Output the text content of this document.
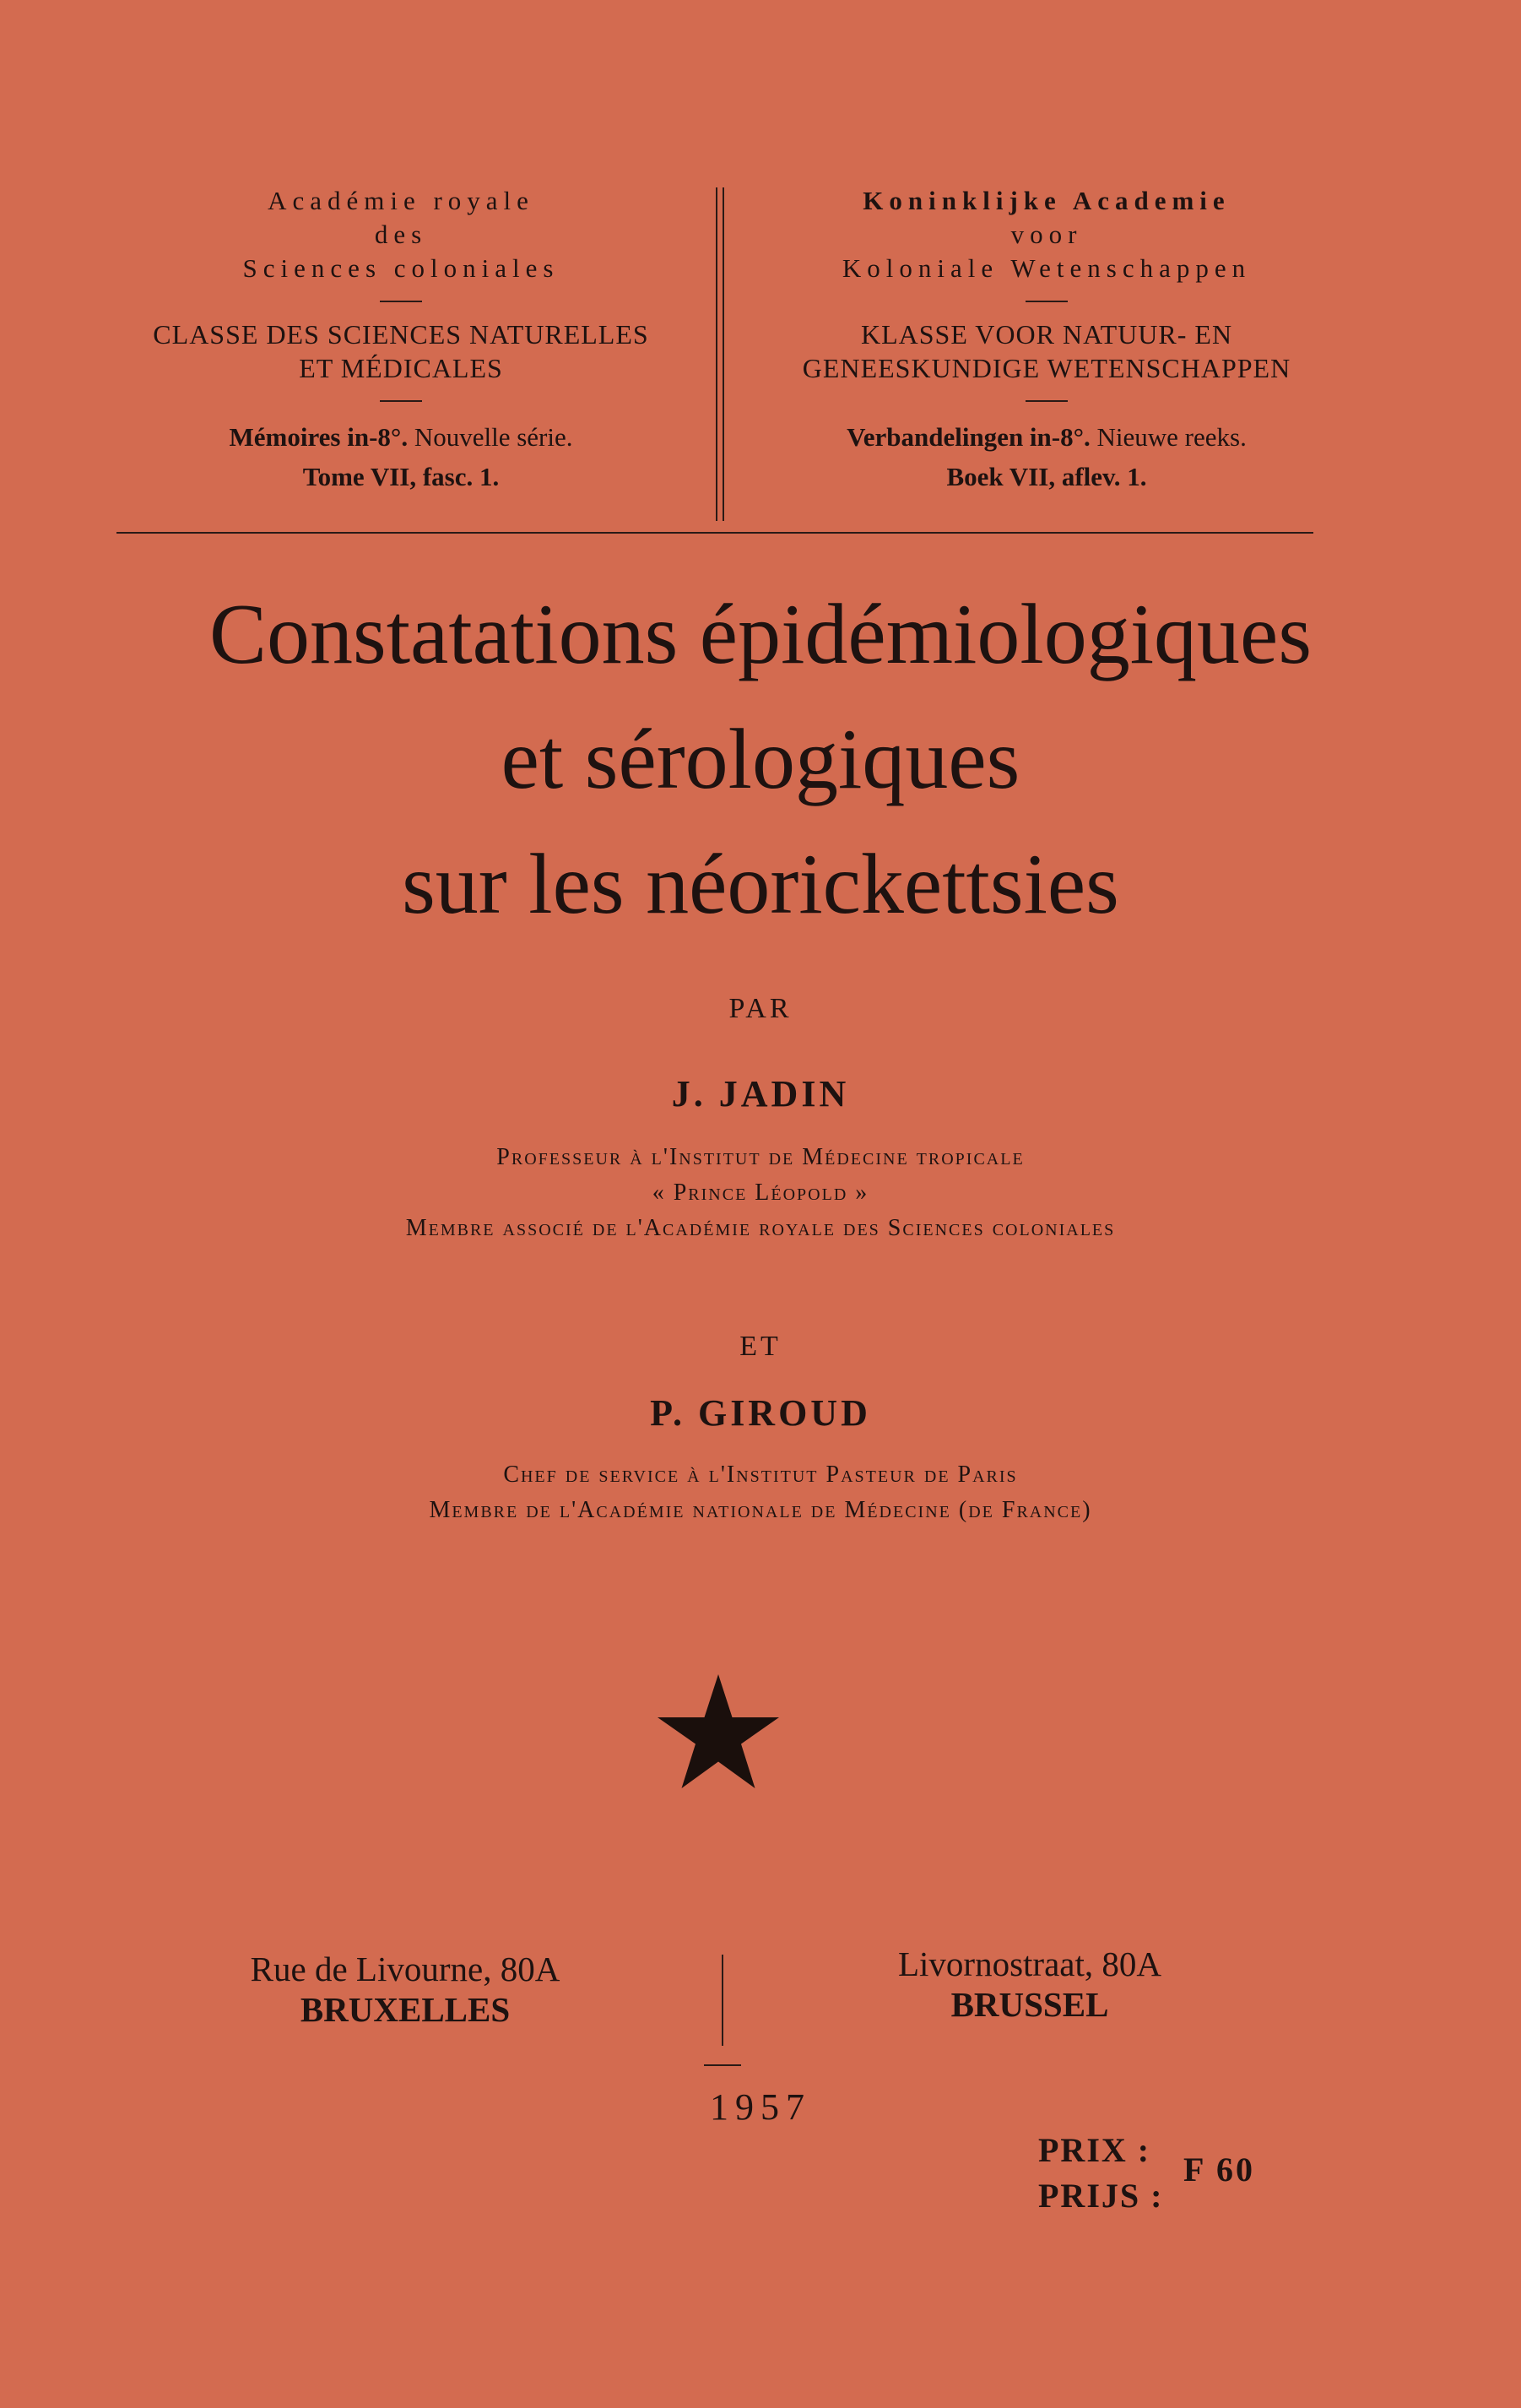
Académie royale
des
Sciences coloniales
CLASSE DES SCIENCES NATURELLES
ET MÉDICALES
Mémoires in-8°. Nouvelle série.
Tome VII, fasc. 1.
Koninklijke Academie
voor
Koloniale Wetenschappen
KLASSE VOOR NATUUR- EN
GENEESKUNDIGE WETENSCHAPPEN
Verbandelingen in-8°. Nieuwe reeks.
Boek VII, aflev. 1.
Constatations épidémiologiques
et sérologiques
sur les néorickettsies
PAR
J. JADIN
Professeur à l'Institut de Médecine tropicale
« Prince Léopold »
Membre associé de l'Académie royale des Sciences coloniales
ET
P. GIROUD
Chef de service à l'Institut Pasteur de Paris
Membre de l'Académie nationale de Médecine (de France)
Rue de Livourne, 80A
BRUXELLES
Livornostraat, 80A
BRUSSEL
1957
PRIX :
PRIJS :
F 60
